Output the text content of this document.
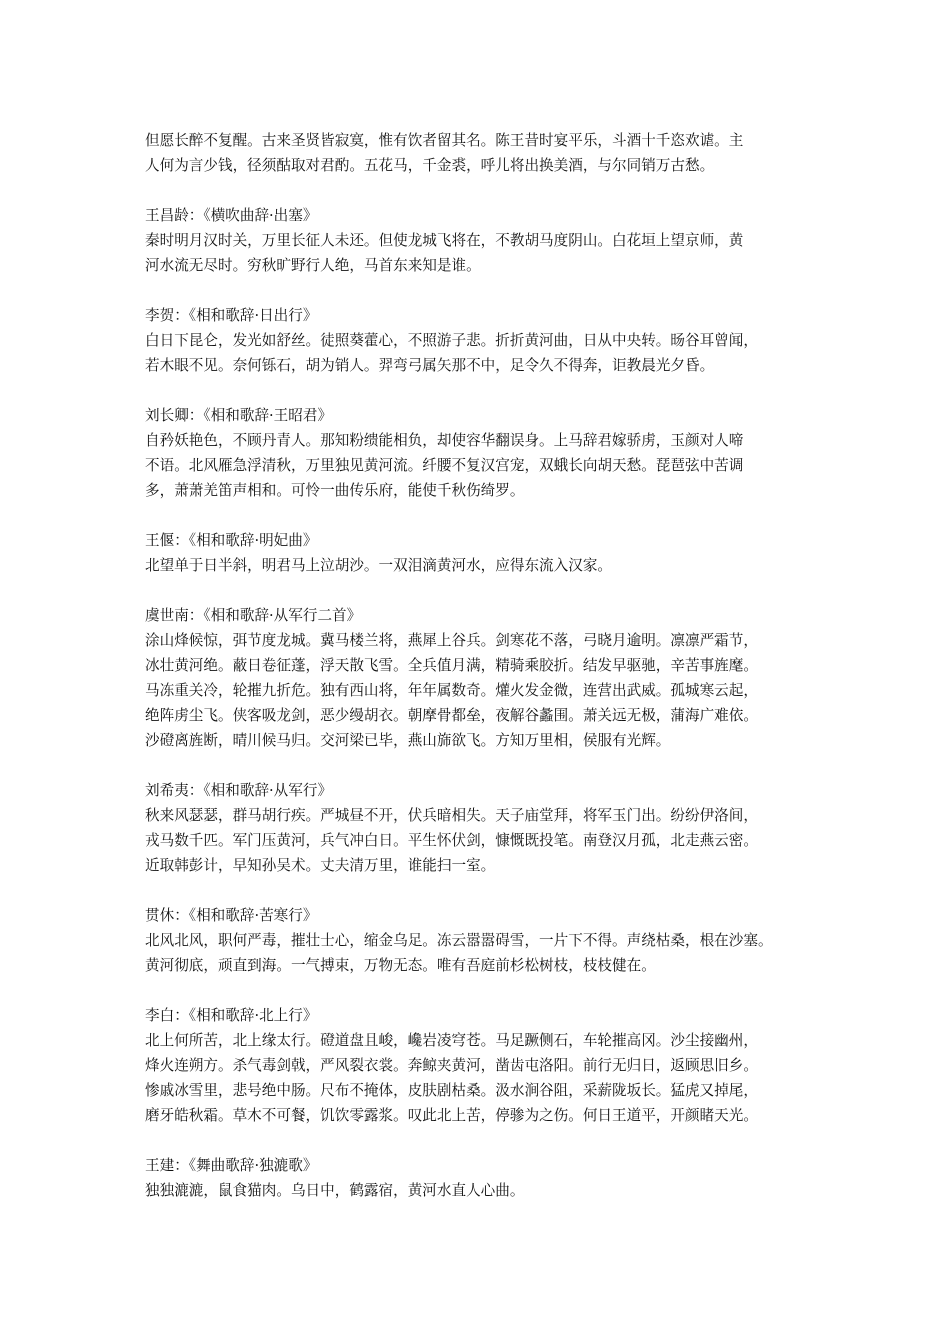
但愿长醉不复醒。古来圣贤皆寂寞，惟有饮者留其名。陈王昔时宴平乐，斗酒十千恣欢谑。主
人何为言少钱，径须酤取对君酌。五花马，千金裘，呼儿将出换美酒，与尔同销万古愁。
王昌龄：《横吹曲辞·出塞》
秦时明月汉时关，万里长征人未还。但使龙城飞将在，不教胡马度阴山。白花垣上望京师，黄
河水流无尽时。穷秋旷野行人绝，马首东来知是谁。
李贺：《相和歌辞·日出行》
白日下昆仑，发光如舒丝。徒照葵藿心，不照游子悲。折折黄河曲，日从中央转。旸谷耳曾闻，
若木眼不见。奈何铄石，胡为销人。羿弯弓属矢那不中，足令久不得奔，讵教晨光夕昏。
刘长卿：《相和歌辞·王昭君》
自矜妖艳色，不顾丹青人。那知粉缋能相负，却使容华翻误身。上马辞君嫁骄虏，玉颜对人啼
不语。北风雁急浮清秋，万里独见黄河流。纤腰不复汉宫宠，双蛾长向胡天愁。琵琶弦中苦调
多，萧萧羌笛声相和。可怜一曲传乐府，能使千秋伤绮罗。
王偃：《相和歌辞·明妃曲》
北望单于日半斜，明君马上泣胡沙。一双泪滴黄河水，应得东流入汉家。
虞世南：《相和歌辞·从军行二首》
涂山烽候惊，弭节度龙城。冀马楼兰将，燕犀上谷兵。剑寒花不落，弓晓月逾明。凛凛严霜节，
冰壮黄河绝。蔽日卷征蓬，浮天散飞雪。全兵值月满，精骑乘胶折。结发早驱驰，辛苦事旌麾。
马冻重关冷，轮摧九折危。独有西山将，年年属数奇。爟火发金微，连营出武威。孤城寒云起，
绝阵虏尘飞。侠客吸龙剑，恶少缦胡衣。朝摩骨都垒，夜解谷蠡围。萧关远无极，蒲海广难依。
沙磴离旌断，晴川候马归。交河梁已毕，燕山旆欲飞。方知万里相，侯服有光辉。
刘希夷：《相和歌辞·从军行》
秋来风瑟瑟，群马胡行疾。严城昼不开，伏兵暗相失。天子庙堂拜，将军玉门出。纷纷伊洛间，
戎马数千匹。军门压黄河，兵气冲白日。平生怀伏剑，慷慨既投笔。南登汉月孤，北走燕云密。
近取韩彭计，早知孙吴术。丈夫清万里，谁能扫一室。
贯休：《相和歌辞·苦寒行》
北风北风，职何严毒，摧壮士心，缩金乌足。冻云嚣嚣碍雪，一片下不得。声绕枯桑，根在沙塞。
黄河彻底，顽直到海。一气搏束，万物无态。唯有吾庭前杉松树枝，枝枝健在。
李白：《相和歌辞·北上行》
北上何所苦，北上缘太行。磴道盘且峻，巉岩凌穹苍。马足蹶侧石，车轮摧高冈。沙尘接幽州，
烽火连朔方。杀气毒剑戟，严风裂衣裳。奔鲸夹黄河，凿齿屯洛阳。前行无归日，返顾思旧乡。
惨戚冰雪里，悲号绝中肠。尺布不掩体，皮肤剧枯桑。汲水涧谷阻，采薪陇坂长。猛虎又掉尾，
磨牙皓秋霜。草木不可餐，饥饮零露浆。叹此北上苦，停骖为之伤。何日王道平，开颜睹天光。
王建：《舞曲歌辞·独漉歌》
独独漉漉，鼠食猫肉。乌日中，鹤露宿，黄河水直人心曲。
